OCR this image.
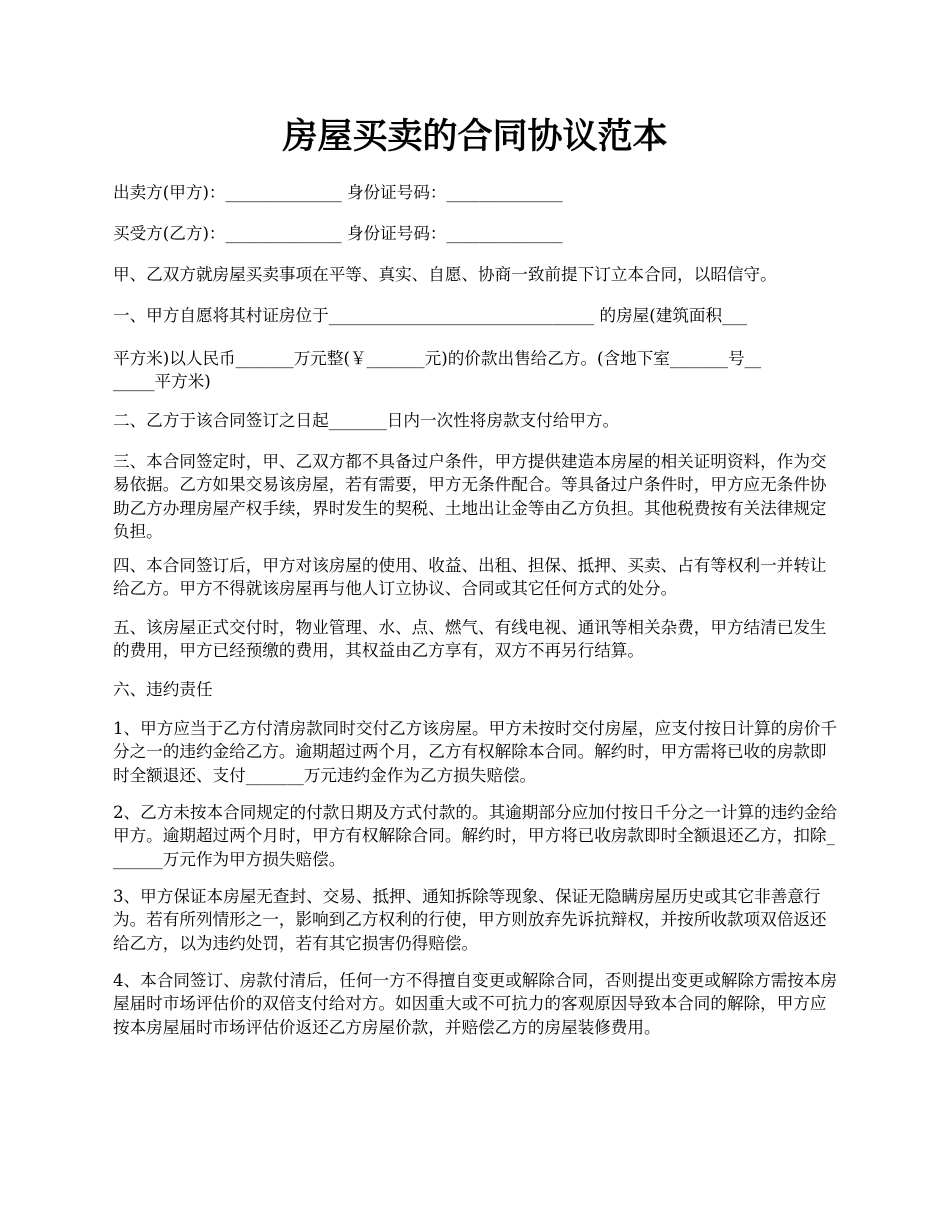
房屋买卖的合同协议范本

出卖方(甲方)：______________ 身份证号码：______________

买受方(乙方)：______________ 身份证号码：______________

甲、乙双方就房屋买卖事项在平等、真实、自愿、协商一致前提下订立本合同，以昭信守。

一、甲方自愿将其村证房位于________________________________ 的房屋(建筑面积___

平方米)以人民币_______万元整(￥_______元)的价款出售给乙方。(含地下室_______号__

_____平方米)

二、乙方于该合同签订之日起_______日内一次性将房款支付给甲方。

三、本合同签定时，甲、乙双方都不具备过户条件，甲方提供建造本房屋的相关证明资料，作为交易依据。乙方如果交易该房屋，若有需要，甲方无条件配合。等具备过户条件时，甲方应无条件协助乙方办理房屋产权手续，界时发生的契税、土地出让金等由乙方负担。其他税费按有关法律规定负担。

四、本合同签订后，甲方对该房屋的使用、收益、出租、担保、抵押、买卖、占有等权利一并转让给乙方。甲方不得就该房屋再与他人订立协议、合同或其它任何方式的处分。

五、该房屋正式交付时，物业管理、水、点、燃气、有线电视、通讯等相关杂费，甲方结清已发生的费用，甲方已经预缴的费用，其权益由乙方享有，双方不再另行结算。

六、违约责任

1、甲方应当于乙方付清房款同时交付乙方该房屋。甲方未按时交付房屋，应支付按日计算的房价千分之一的违约金给乙方。逾期超过两个月，乙方有权解除本合同。解约时，甲方需将已收的房款即时全额退还、支付_______万元违约金作为乙方损失赔偿。

2、乙方未按本合同规定的付款日期及方式付款的。其逾期部分应加付按日千分之一计算的违约金给甲方。逾期超过两个月时，甲方有权解除合同。解约时，甲方将已收房款即时全额退还乙方，扣除_______万元作为甲方损失赔偿。

3、甲方保证本房屋无查封、交易、抵押、通知拆除等现象、保证无隐瞒房屋历史或其它非善意行为。若有所列情形之一，影响到乙方权利的行使，甲方则放弃先诉抗辩权，并按所收款项双倍返还给乙方，以为违约处罚，若有其它损害仍得赔偿。

4、本合同签订、房款付清后，任何一方不得擅自变更或解除合同，否则提出变更或解除方需按本房屋届时市场评估价的双倍支付给对方。如因重大或不可抗力的客观原因导致本合同的解除，甲方应按本房屋届时市场评估价返还乙方房屋价款，并赔偿乙方的房屋装修费用。
